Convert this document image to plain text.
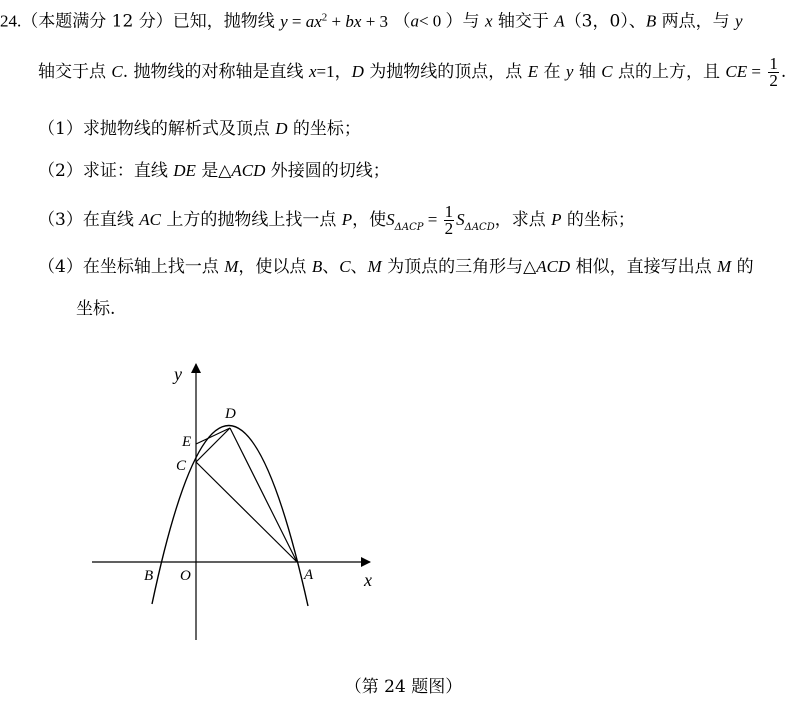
24.（本题满分 12 分）已知，抛物线 $y = ax^2$ + bx + 3 （a< 0 ）与 x 轴交于 A（3，0）、B 两点，与 y
轴交于点 C. 抛物线的对称轴是直线 x=1，D 为抛物线的顶点，点 E 在 y 轴 C 点的上方，且 CE = $\frac{1}{2}$ .
（1）求抛物线的解析式及顶点 D 的坐标；
（2）求证：直线 DE 是△ACD 外接圆的切线；
（3）在直线 AC 上方的抛物线上找一点 P，使$S_{\Delta ACP} = \frac{1}{2} S_{\Delta ACD}$，求点 P 的坐标；
（4）在坐标轴上找一点 M，使以点 B、C、M 为顶点的三角形与△ACD 相似，直接写出点 M 的
坐标.
y
x
O
B	A
C
E
D
（第 24 题图）
